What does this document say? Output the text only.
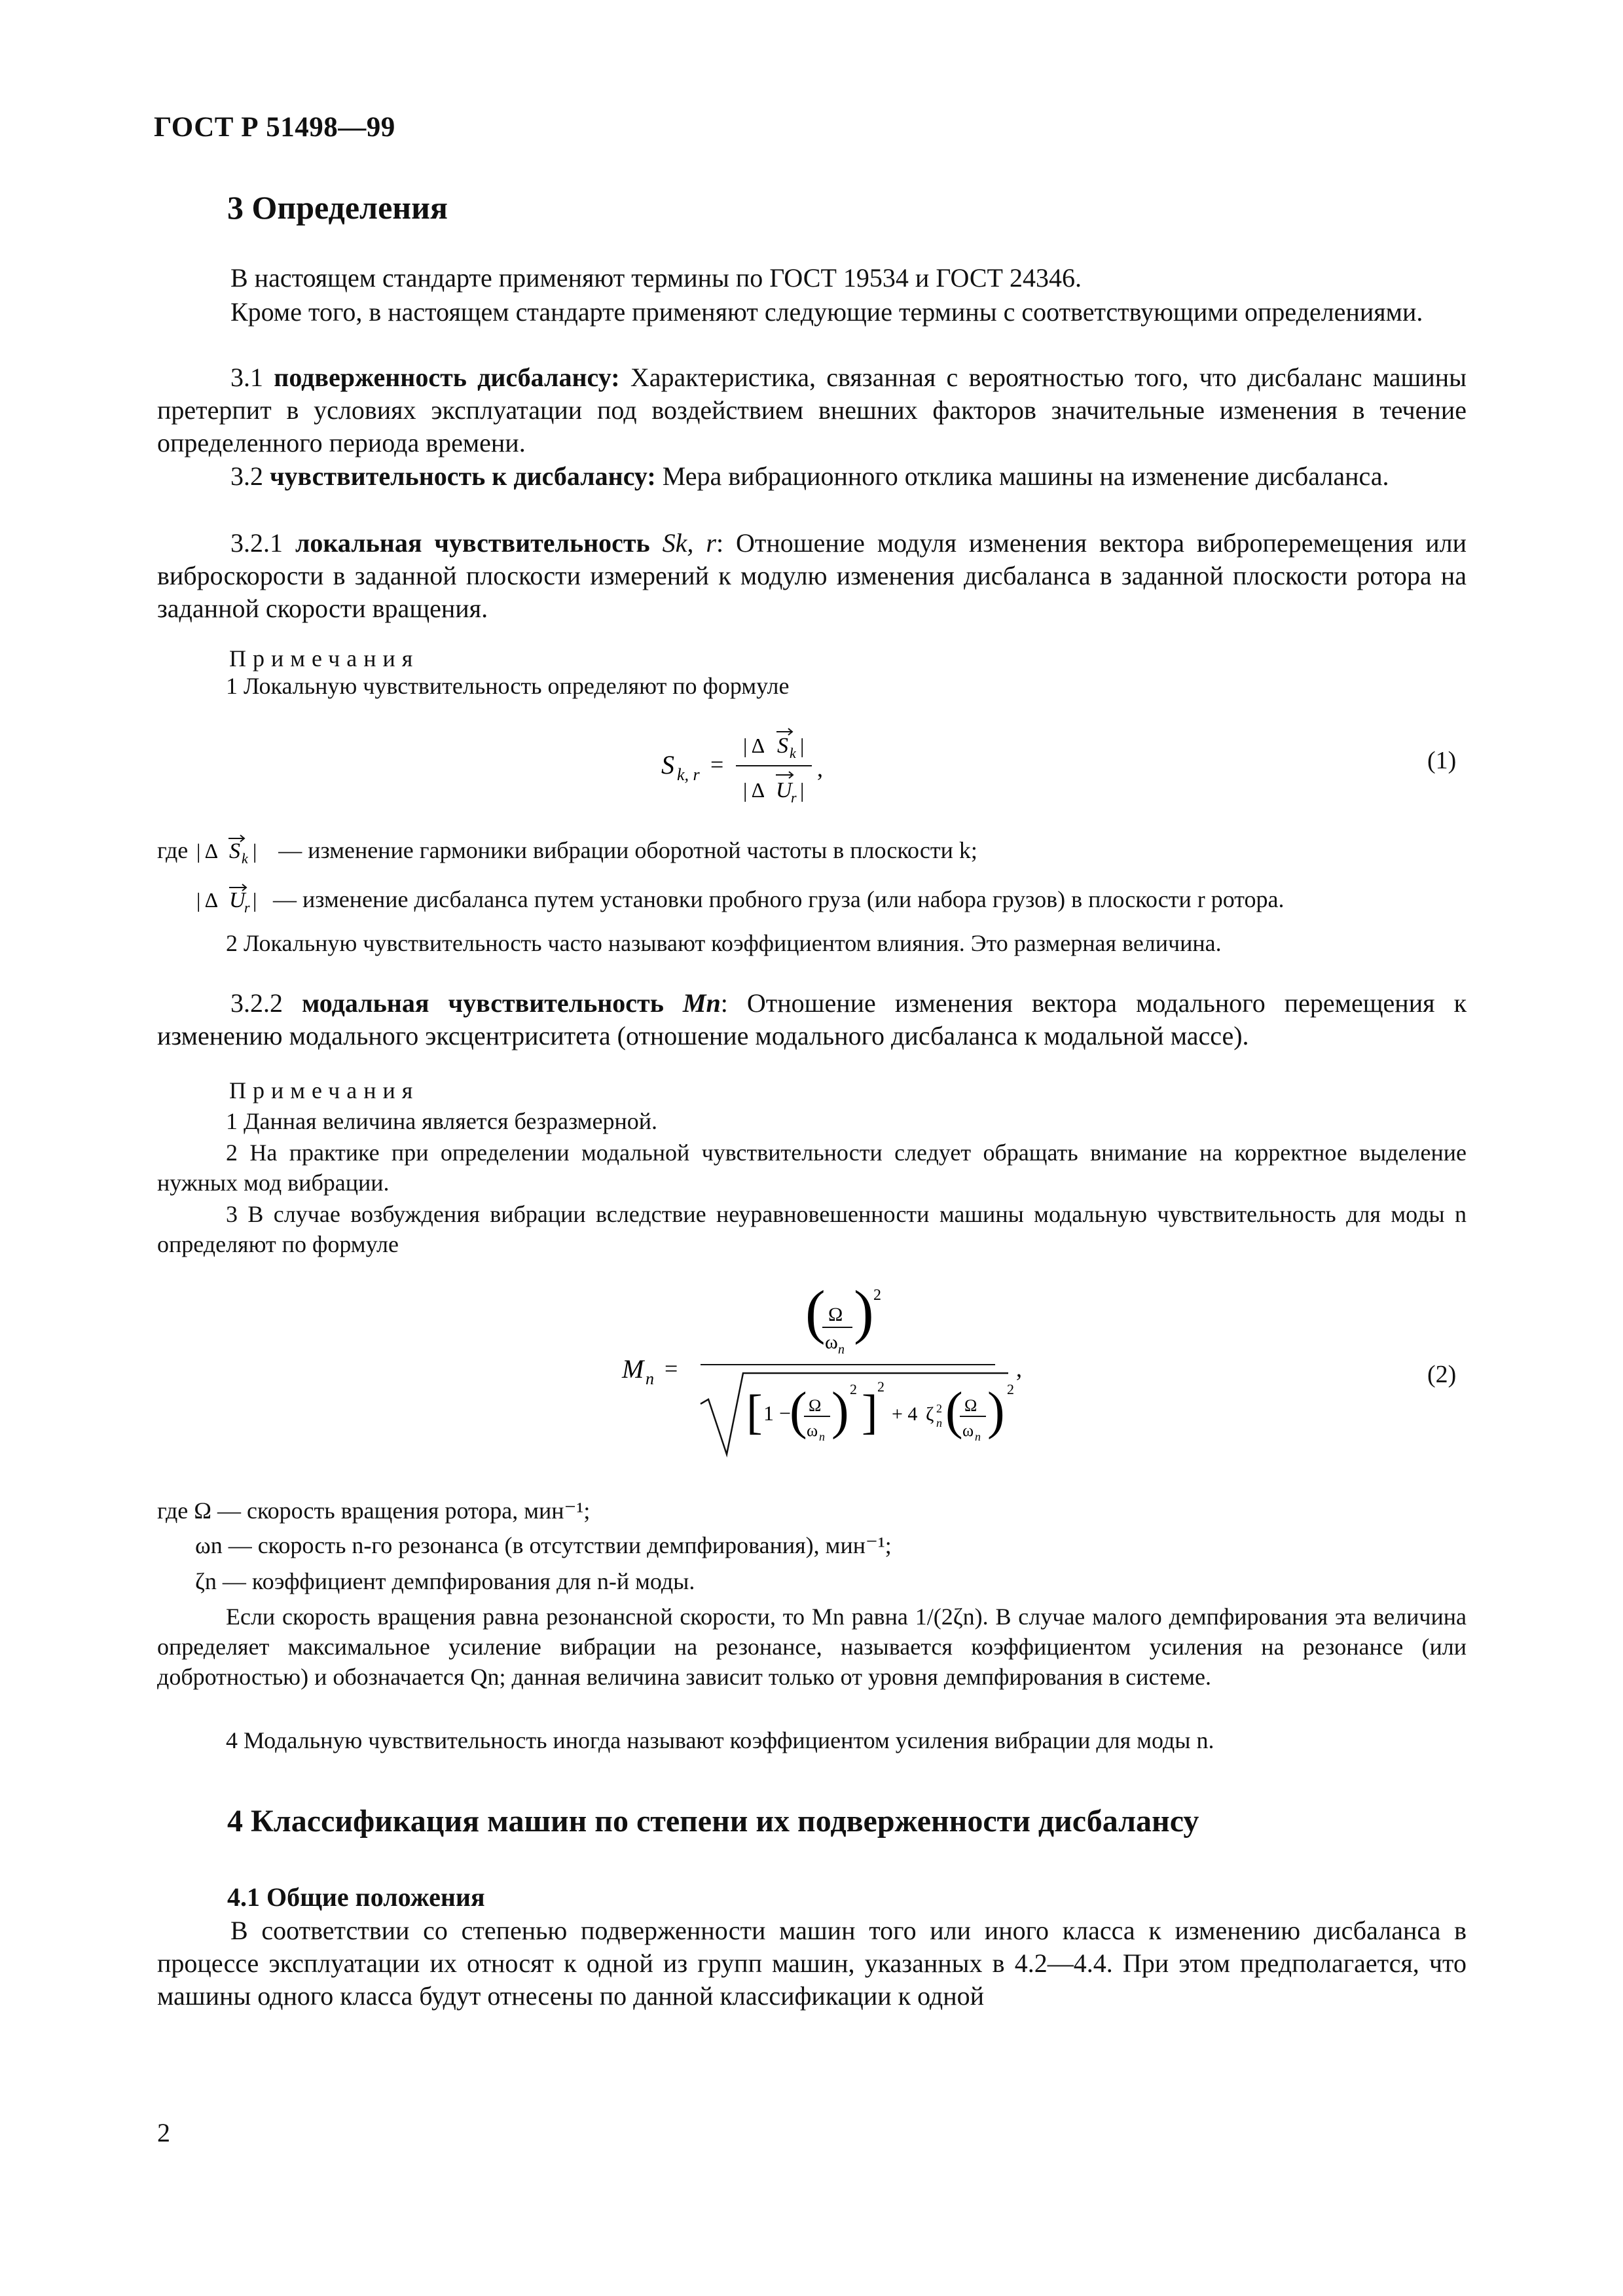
ГОСТ Р 51498—99
3 Определения

В настоящем стандарте применяют термины по ГОСТ 19534 и ГОСТ 24346.

Кроме того, в настоящем стандарте применяют следующие термины с соответствующими определениями.

3.1 подверженность дисбалансу: Характеристика, связанная с вероятностью того, что дисбаланс машины претерпит в условиях эксплуатации под воздействием внешних факторов значительные изменения в течение определенного периода времени.

3.2 чувствительность к дисбалансу: Мера вибрационного отклика машины на изменение дисбаланса.

3.2.1 локальная чувствительность Sk, r: Отношение модуля изменения вектора виброперемещения или виброскорости в заданной плоскости измерений к модулю изменения дисбаланса в заданной плоскости ротора на заданной скорости вращения.

Примечания

1 Локальную чувствительность определяют по формуле

S k, r =
| Δ S k |
| Δ U
r |
,	(1)
где | Δ S k | — изменение гармоники вибрации оборотной частоты в плоскости k;
| Δ U
r | — изменение дисбаланса путем установки пробного груза (или набора грузов) в плоскости r ротора.

2 Локальную чувствительность часто называют коэффициентом влияния. Это размерная величина.

3.2.2 модальная чувствительность Mn: Отношение изменения вектора модального перемещения к изменению модального эксцентриситета (отношение модального дисбаланса к модальной массе).

Примечания

1 Данная величина является безразмерной.

2 На практике при определении модальной чувствительности следует обращать внимание на корректное выделение нужных мод вибрации.

3 В случае возбуждения вибрации вследствие неуравновешенности машины модальную чувствительность для моды n определяют по формуле

M n =
( Ω
ω n
) 2
[ 1 −
( Ω
ω n ) 2 ] 2
+ 4 ζ 2
n ( Ω
ω n ) 2
,	(2)
где Ω — скорость вращения ротора, мин⁻¹;
ωn — скорость n-го резонанса (в отсутствии демпфирования), мин⁻¹;
ζn — коэффициент демпфирования для n-й моды.

Если скорость вращения равна резонансной скорости, то Mn равна 1/(2ζn). В случае малого демпфирования эта величина определяет максимальное усиление вибрации на резонансе, называется коэффициентом усиления на резонансе (или добротностью) и обозначается Qn; данная величина зависит только от уровня демпфирования в системе.

4 Модальную чувствительность иногда называют коэффициентом усиления вибрации для моды n.

4 Классификация машин по степени их подверженности дисбалансу
4.1 Общие положения

В соответствии со степенью подверженности машин того или иного класса к изменению дисбаланса в процессе эксплуатации их относят к одной из групп машин, указанных в 4.2—4.4. При этом предполагается, что машины одного класса будут отнесены по данной классификации к одной

2
